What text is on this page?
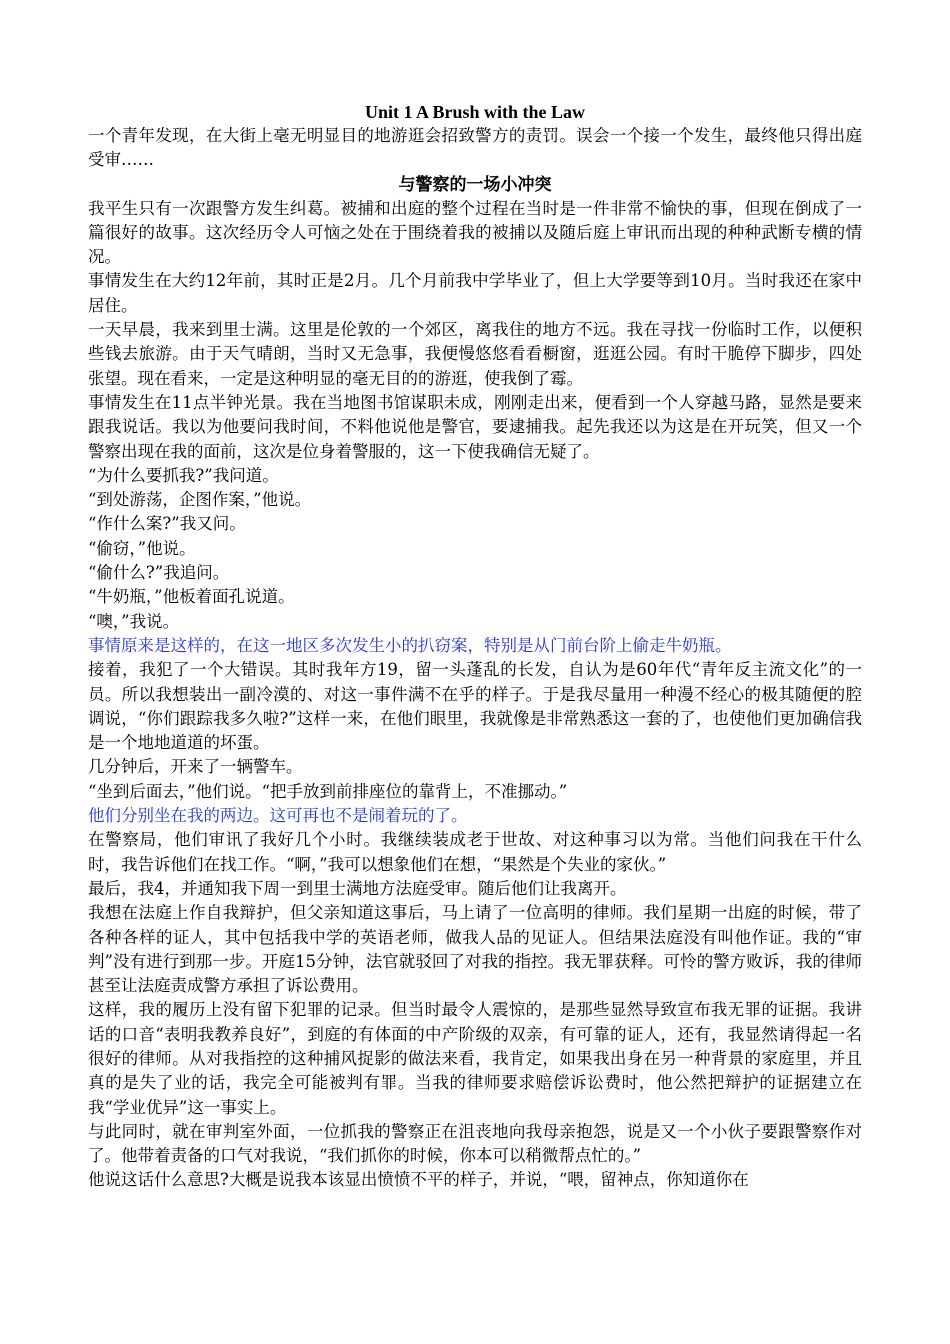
Unit 1 A Brush with the Law

一个青年发现，在大街上毫无明显目的地游逛会招致警方的责罚。误会一个接一个发生，最终他只得出庭受审……

与警察的一场小冲突

我平生只有一次跟警方发生纠葛。被捕和出庭的整个过程在当时是一件非常不愉快的事，但现在倒成了一篇很好的故事。这次经历令人可恼之处在于围绕着我的被捕以及随后庭上审讯而出现的种种武断专横的情况。

事情发生在大约12年前，其时正是2月。几个月前我中学毕业了，但上大学要等到10月。当时我还在家中居住。

一天早晨，我来到里士满。这里是伦敦的一个郊区，离我住的地方不远。我在寻找一份临时工作，以便积些钱去旅游。由于天气晴朗，当时又无急事，我便慢悠悠看看橱窗，逛逛公园。有时干脆停下脚步，四处张望。现在看来，一定是这种明显的毫无目的的游逛，使我倒了霉。

事情发生在11点半钟光景。我在当地图书馆谋职未成，刚刚走出来，便看到一个人穿越马路，显然是要来跟我说话。我以为他要问我时间，不料他说他是警官，要逮捕我。起先我还以为这是在开玩笑，但又一个警察出现在我的面前，这次是位身着警服的，这一下使我确信无疑了。

“为什么要抓我?”我问道。

“到处游荡，企图作案，”他说。

“作什么案?”我又问。

“偷窃，”他说。

“偷什么?”我追问。

“牛奶瓶，”他板着面孔说道。

“噢，”我说。

事情原来是这样的，在这一地区多次发生小的扒窃案，特别是从门前台阶上偷走牛奶瓶。

接着，我犯了一个大错误。其时我年方19，留一头蓬乱的长发，自认为是60年代“青年反主流文化”的一员。所以我想装出一副冷漠的、对这一事件满不在乎的样子。于是我尽量用一种漫不经心的极其随便的腔调说，“你们跟踪我多久啦?”这样一来，在他们眼里，我就像是非常熟悉这一套的了，也使他们更加确信我是一个地地道道的坏蛋。

几分钟后，开来了一辆警车。

“坐到后面去，”他们说。“把手放到前排座位的靠背上，不准挪动。”

他们分别坐在我的两边。这可再也不是闹着玩的了。

在警察局，他们审讯了我好几个小时。我继续装成老于世故、对这种事习以为常。当他们问我在干什么时，我告诉他们在找工作。“啊，”我可以想象他们在想，“果然是个失业的家伙。”

最后，我4，并通知我下周一到里士满地方法庭受审。随后他们让我离开。

我想在法庭上作自我辩护，但父亲知道这事后，马上请了一位高明的律师。我们星期一出庭的时候，带了各种各样的证人，其中包括我中学的英语老师，做我人品的见证人。但结果法庭没有叫他作证。我的“审判”没有进行到那一步。开庭15分钟，法官就驳回了对我的指控。我无罪获释。可怜的警方败诉，我的律师甚至让法庭责成警方承担了诉讼费用。

这样，我的履历上没有留下犯罪的记录。但当时最令人震惊的，是那些显然导致宣布我无罪的证据。我讲话的口音“表明我教养良好”，到庭的有体面的中产阶级的双亲，有可靠的证人，还有，我显然请得起一名很好的律师。从对我指控的这种捕风捉影的做法来看，我肯定，如果我出身在另一种背景的家庭里，并且真的是失了业的话，我完全可能被判有罪。当我的律师要求赔偿诉讼费时，他公然把辩护的证据建立在我“学业优异”这一事实上。

与此同时，就在审判室外面，一位抓我的警察正在沮丧地向我母亲抱怨，说是又一个小伙子要跟警察作对了。他带着责备的口气对我说，“我们抓你的时候，你本可以稍微帮点忙的。”

他说这话什么意思?大概是说我本该显出愤愤不平的样子，并说，“喂，留神点，你知道你在
